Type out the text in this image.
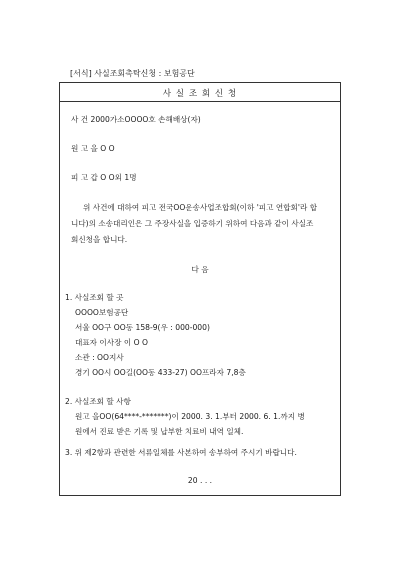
[서식] 사실조회촉탁신청 : 보험공단
사 실 조 회 신 청
사 건 2000가소OOOO호 손해배상(자)
원 고 을 O O
피 고 갑 O O외 1명
위 사건에 대하여 피고 전국OO운송사업조합회(이하 '피고 연합회'라 합
니다)의 소송대리인은 그 주장사실을 입증하기 위하여 다음과 같이 사실조
회신청을 합니다.
다 음
1. 사실조회 할 곳
OOOO보험공단
서울 OO구 OO동 158-9(우 : 000-000)
대표자 이사장 이 O O
소관 : OO지사
경기 OO시 OO길(OO동 433-27) OO프라자 7,8층
2. 사실조회 할 사항
원고 을OO(64****-*******)이 2000. 3. 1.부터 2000. 6. 1.까지 병
원에서 진료 받은 기록 및 납부한 치료비 내역 일체.
3. 위 제2항과 관련한 서류일체를 사본하여 송부하여 주시기 바랍니다.
20 . . .
